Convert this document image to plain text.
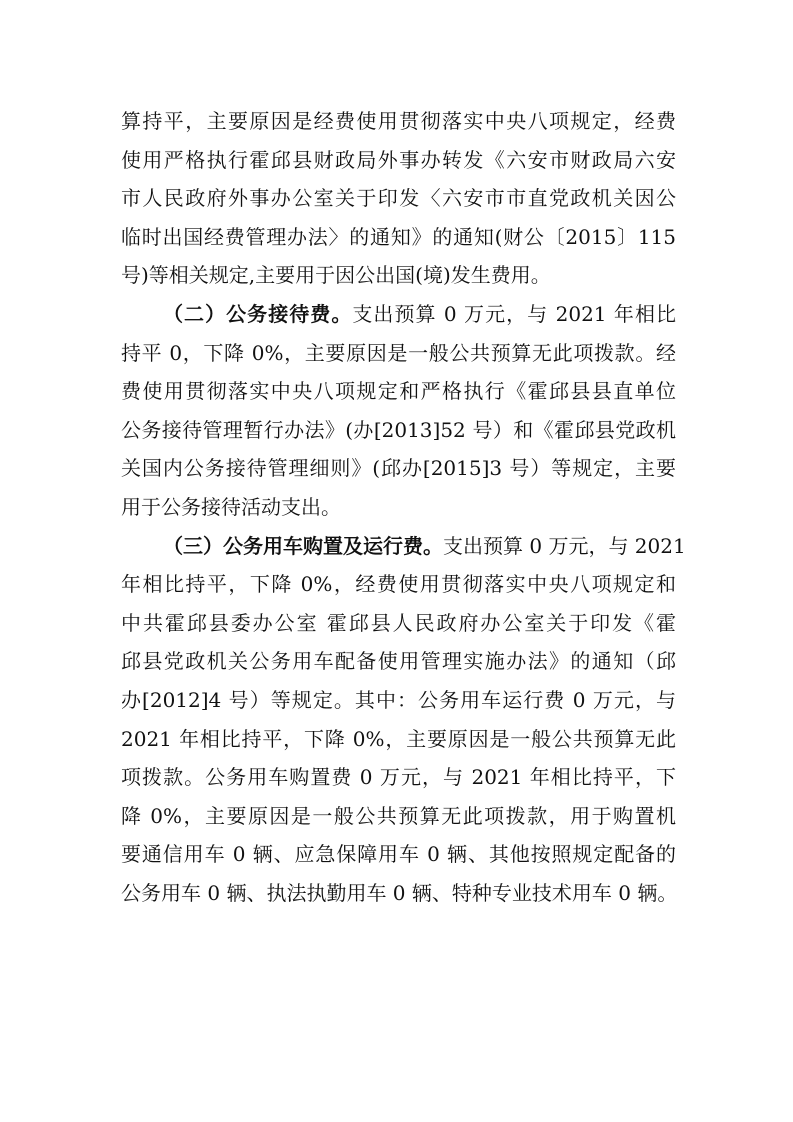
算持平，主要原因是经费使用贯彻落实中央八项规定，经费
使用严格执行霍邱县财政局外事办转发《六安市财政局六安
市人民政府外事办公室关于印发〈六安市市直党政机关因公
临时出国经费管理办法〉的通知》的通知(财公〔2015〕115
号)等相关规定,主要用于因公出国(境)发生费用。
（二）公务接待费。支出预算 0 万元，与 2021 年相比
持平 0，下降 0%，主要原因是一般公共预算无此项拨款。经
费使用贯彻落实中央八项规定和严格执行《霍邱县县直单位
公务接待管理暂行办法》(办[2013]52 号）和《霍邱县党政机
关国内公务接待管理细则》(邱办[2015]3 号）等规定，主要
用于公务接待活动支出。
（三）公务用车购置及运行费。支出预算 0 万元，与 2021
年相比持平，下降 0%，经费使用贯彻落实中央八项规定和
中共霍邱县委办公室 霍邱县人民政府办公室关于印发《霍
邱县党政机关公务用车配备使用管理实施办法》的通知（邱
办[2012]4 号）等规定。其中：公务用车运行费 0 万元，与
2021 年相比持平，下降 0%，主要原因是一般公共预算无此
项拨款。公务用车购置费 0 万元，与 2021 年相比持平，下
降 0%，主要原因是一般公共预算无此项拨款，用于购置机
要通信用车 0 辆、应急保障用车 0 辆、其他按照规定配备的
公务用车 0 辆、执法执勤用车 0 辆、特种专业技术用车 0 辆。
